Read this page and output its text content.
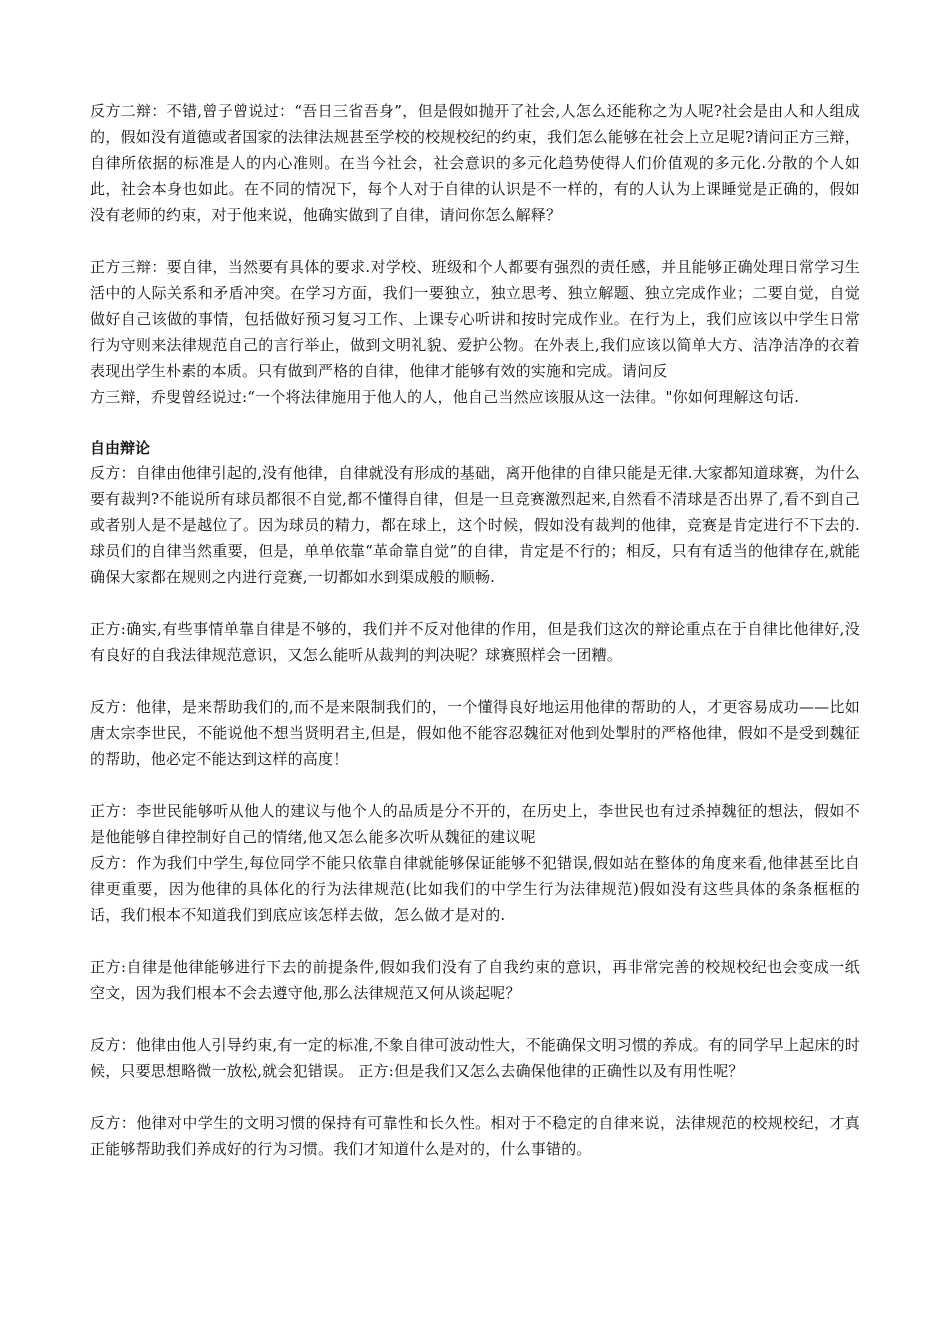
反方二辩：不错,曾子曾说过：“吾日三省吾身”，但是假如抛开了社会,人怎么还能称之为人呢?社会是由人和人组成的，假如没有道德或者国家的法律法规甚至学校的校规校纪的约束，我们怎么能够在社会上立足呢?请问正方三辩，自律所依据的标准是人的内心准则。在当今社会，社会意识的多元化趋势使得人们价值观的多元化.分散的个人如此，社会本身也如此。在不同的情况下，每个人对于自律的认识是不一样的，有的人认为上课睡觉是正确的，假如没有老师的约束，对于他来说，他确实做到了自律，请问你怎么解释？

正方三辩：要自律，当然要有具体的要求.对学校、班级和个人都要有强烈的责任感，并且能够正确处理日常学习生活中的人际关系和矛盾冲突。在学习方面，我们一要独立，独立思考、独立解题、独立完成作业；二要自觉，自觉做好自己该做的事情，包括做好预习复习工作、上课专心听讲和按时完成作业。在行为上，我们应该以中学生日常行为守则来法律规范自己的言行举止，做到文明礼貌、爱护公物。在外表上,我们应该以简单大方、洁净洁净的衣着表现出学生朴素的本质。只有做到严格的自律，他律才能够有效的实施和完成。请问反

方三辩，乔叟曾经说过:“一个将法律施用于他人的人，他自己当然应该服从这一法律。"你如何理解这句话.

自由辩论

反方：自律由他律引起的,没有他律，自律就没有形成的基础，离开他律的自律只能是无律.大家都知道球赛，为什么要有裁判?不能说所有球员都很不自觉,都不懂得自律，但是一旦竞赛激烈起来,自然看不清球是否出界了,看不到自己或者别人是不是越位了。因为球员的精力，都在球上，这个时候，假如没有裁判的他律，竞赛是肯定进行不下去的.球员们的自律当然重要，但是，单单依靠“革命靠自觉”的自律，肯定是不行的；相反，只有有适当的他律存在,就能确保大家都在规则之内进行竞赛,一切都如水到渠成般的顺畅.

正方:确实,有些事情单靠自律是不够的，我们并不反对他律的作用，但是我们这次的辩论重点在于自律比他律好,没有良好的自我法律规范意识，又怎么能听从裁判的判决呢？球赛照样会一团糟。

反方：他律，是来帮助我们的,而不是来限制我们的，一个懂得良好地运用他律的帮助的人，才更容易成功——比如唐太宗李世民，不能说他不想当贤明君主,但是，假如他不能容忍魏征对他到处掣肘的严格他律，假如不是受到魏征的帮助，他必定不能达到这样的高度！

正方：李世民能够听从他人的建议与他个人的品质是分不开的，在历史上，李世民也有过杀掉魏征的想法，假如不是他能够自律控制好自己的情绪,他又怎么能多次听从魏征的建议呢

反方：作为我们中学生,每位同学不能只依靠自律就能够保证能够不犯错误,假如站在整体的角度来看,他律甚至比自律更重要，因为他律的具体化的行为法律规范(比如我们的中学生行为法律规范)假如没有这些具体的条条框框的话，我们根本不知道我们到底应该怎样去做，怎么做才是对的.

正方:自律是他律能够进行下去的前提条件,假如我们没有了自我约束的意识，再非常完善的校规校纪也会变成一纸空文，因为我们根本不会去遵守他,那么法律规范又何从谈起呢？

反方：他律由他人引导约束,有一定的标准,不象自律可波动性大，不能确保文明习惯的养成。有的同学早上起床的时候，只要思想略微一放松,就会犯错误。 正方:但是我们又怎么去确保他律的正确性以及有用性呢？

反方：他律对中学生的文明习惯的保持有可靠性和长久性。相对于不稳定的自律来说，法律规范的校规校纪，才真正能够帮助我们养成好的行为习惯。我们才知道什么是对的，什么事错的。
